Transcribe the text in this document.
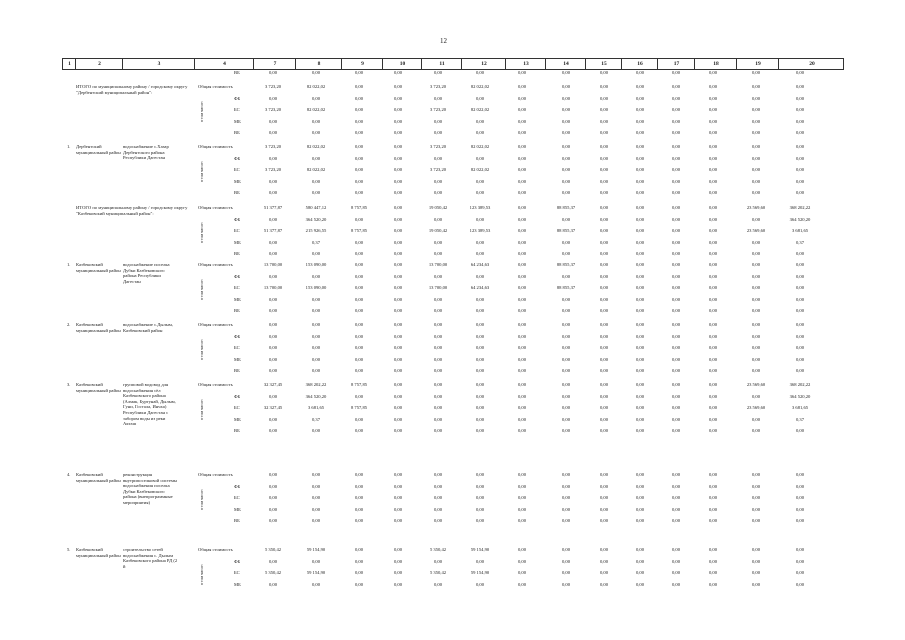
12
1	2	3	4	7	8	9	10	11	12	13	14	15	16	17	18	19	20
ВБ	0,00	0,00	0,00	0,00	0,00	0,00	0,00	0,00	0,00	0,00	0,00	0,00	0,00	0,00
ИТОГО по муниципальному району / городскому округу "Дербентский муниципальный район":
Общая стоимость	3 723,20	82 022,02	0,00	0,00	3 723,20	82 022,02	0,00	0,00	0,00	0,00	0,00	0,00	0,00	0,00
ФБ	0,00	0,00	0,00	0,00	0,00	0,00	0,00	0,00	0,00	0,00	0,00	0,00	0,00	0,00
БС	3 723,20	82 022,02	0,00	0,00	3 723,20	82 022,02	0,00	0,00	0,00	0,00	0,00	0,00	0,00	0,00
МБ	0,00	0,00	0,00	0,00	0,00	0,00	0,00	0,00	0,00	0,00	0,00	0,00	0,00	0,00
ВБ	0,00	0,00	0,00	0,00	0,00	0,00	0,00	0,00	0,00	0,00	0,00	0,00	0,00	0,00
в том числе:
1. Дербентский муниципальный район
водоснабжение с.Хазар Дербентского района Республики Дагестан
Общая стоимость	3 723,20	82 022,02	0,00	0,00	3 723,20	82 022,02	0,00	0,00	0,00	0,00	0,00	0,00	0,00	0,00
ФБ	0,00	0,00	0,00	0,00	0,00	0,00	0,00	0,00	0,00	0,00	0,00	0,00	0,00	0,00
БС	3 723,20	82 022,02	0,00	0,00	3 723,20	82 022,02	0,00	0,00	0,00	0,00	0,00	0,00	0,00	0,00
МБ	0,00	0,00	0,00	0,00	0,00	0,00	0,00	0,00	0,00	0,00	0,00	0,00	0,00	0,00
ВБ	0,00	0,00	0,00	0,00	0,00	0,00	0,00	0,00	0,00	0,00	0,00	0,00	0,00	0,00
в том числе:
ИТОГО по муниципальному району / городскому округу "Казбековский муниципальный район":
Общая стоимость	51 377,87	580 447,12	8 757,85	0,00	19 050,42	123 389,53	0,00	88 855,37	0,00	0,00	0,00	0,00	23 569,60	368 202,22
ФБ	0,00	364 520,20	0,00	0,00	0,00	0,00	0,00	0,00	0,00	0,00	0,00	0,00	0,00	364 520,20
БС	51 377,87	215 926,55	8 757,85	0,00	19 050,42	123 389,53	0,00	88 855,37	0,00	0,00	0,00	0,00	23 569,60	3 681,65
МБ	0,00	0,37	0,00	0,00	0,00	0,00	0,00	0,00	0,00	0,00	0,00	0,00	0,00	0,37
ВБ	0,00	0,00	0,00	0,00	0,00	0,00	0,00	0,00	0,00	0,00	0,00	0,00	0,00	0,00
в том числе:
1. Казбековский муниципальный район
водоснабжение поселка Дубки Казбековского района Республики Дагестан
Общая стоимость	13 700,00	153 090,00	0,00	0,00	13 700,00	64 234,63	0,00	88 855,37	0,00	0,00	0,00	0,00	0,00	0,00
ФБ	0,00	0,00	0,00	0,00	0,00	0,00	0,00	0,00	0,00	0,00	0,00	0,00	0,00	0,00
БС	13 700,00	153 090,00	0,00	0,00	13 700,00	64 234,63	0,00	88 855,37	0,00	0,00	0,00	0,00	0,00	0,00
МБ	0,00	0,00	0,00	0,00	0,00	0,00	0,00	0,00	0,00	0,00	0,00	0,00	0,00	0,00
ВБ	0,00	0,00	0,00	0,00	0,00	0,00	0,00	0,00	0,00	0,00	0,00	0,00	0,00	0,00
в том числе:
2. Казбековский муниципальный район
водоснабжение с.Дылым, Казбековский район
Общая стоимость	0,00	0,00	0,00	0,00	0,00	0,00	0,00	0,00	0,00	0,00	0,00	0,00	0,00	0,00
ФБ	0,00	0,00	0,00	0,00	0,00	0,00	0,00	0,00	0,00	0,00	0,00	0,00	0,00	0,00
БС	0,00	0,00	0,00	0,00	0,00	0,00	0,00	0,00	0,00	0,00	0,00	0,00	0,00	0,00
МБ	0,00	0,00	0,00	0,00	0,00	0,00	0,00	0,00	0,00	0,00	0,00	0,00	0,00	0,00
ВБ	0,00	0,00	0,00	0,00	0,00	0,00	0,00	0,00	0,00	0,00	0,00	0,00	0,00	0,00
в том числе:
3. Казбековский муниципальный район
групповой водовод для водоснабжения сёл Казбековского района (Алмак, Буртунай, Дылым, Гуни, Гостала, Инчха) Республики Дагестан с забором воды из реки Акташ
Общая стоимость	32 327,45	368 202,22	8 757,85	0,00	0,00	0,00	0,00	0,00	0,00	0,00	0,00	0,00	23 569,60	368 202,22
ФБ	0,00	364 520,20	0,00	0,00	0,00	0,00	0,00	0,00	0,00	0,00	0,00	0,00	0,00	364 520,20
БС	32 327,45	3 681,65	8 757,85	0,00	0,00	0,00	0,00	0,00	0,00	0,00	0,00	0,00	23 569,60	3 681,65
МБ	0,00	0,37	0,00	0,00	0,00	0,00	0,00	0,00	0,00	0,00	0,00	0,00	0,00	0,37
ВБ	0,00	0,00	0,00	0,00	0,00	0,00	0,00	0,00	0,00	0,00	0,00	0,00	0,00	0,00
в том числе:
4. Казбековский муниципальный район
реконструкция внутрипоселковой системы водоснабжения поселка Дубки Казбековского района (внепрограммные мероприятия)
Общая стоимость	0,00	0,00	0,00	0,00	0,00	0,00	0,00	0,00	0,00	0,00	0,00	0,00	0,00	0,00
ФБ	0,00	0,00	0,00	0,00	0,00	0,00	0,00	0,00	0,00	0,00	0,00	0,00	0,00	0,00
БС	0,00	0,00	0,00	0,00	0,00	0,00	0,00	0,00	0,00	0,00	0,00	0,00	0,00	0,00
МБ	0,00	0,00	0,00	0,00	0,00	0,00	0,00	0,00	0,00	0,00	0,00	0,00	0,00	0,00
ВБ	0,00	0,00	0,00	0,00	0,00	0,00	0,00	0,00	0,00	0,00	0,00	0,00	0,00	0,00
в том числе:
5. Казбековский муниципальный район
строительство сетей водоснабжения с. Дылым Казбековского района РД (2 й
Общая стоимость	5 350,42	59 154,90	0,00	0,00	5 350,42	59 154,90	0,00	0,00	0,00	0,00	0,00	0,00	0,00	0,00
ФБ	0,00	0,00	0,00	0,00	0,00	0,00	0,00	0,00	0,00	0,00	0,00	0,00	0,00	0,00
БС	5 350,42	59 154,90	0,00	0,00	5 350,42	59 154,90	0,00	0,00	0,00	0,00	0,00	0,00	0,00	0,00
МБ	0,00	0,00	0,00	0,00	0,00	0,00	0,00	0,00	0,00	0,00	0,00	0,00	0,00	0,00
в том числе:
